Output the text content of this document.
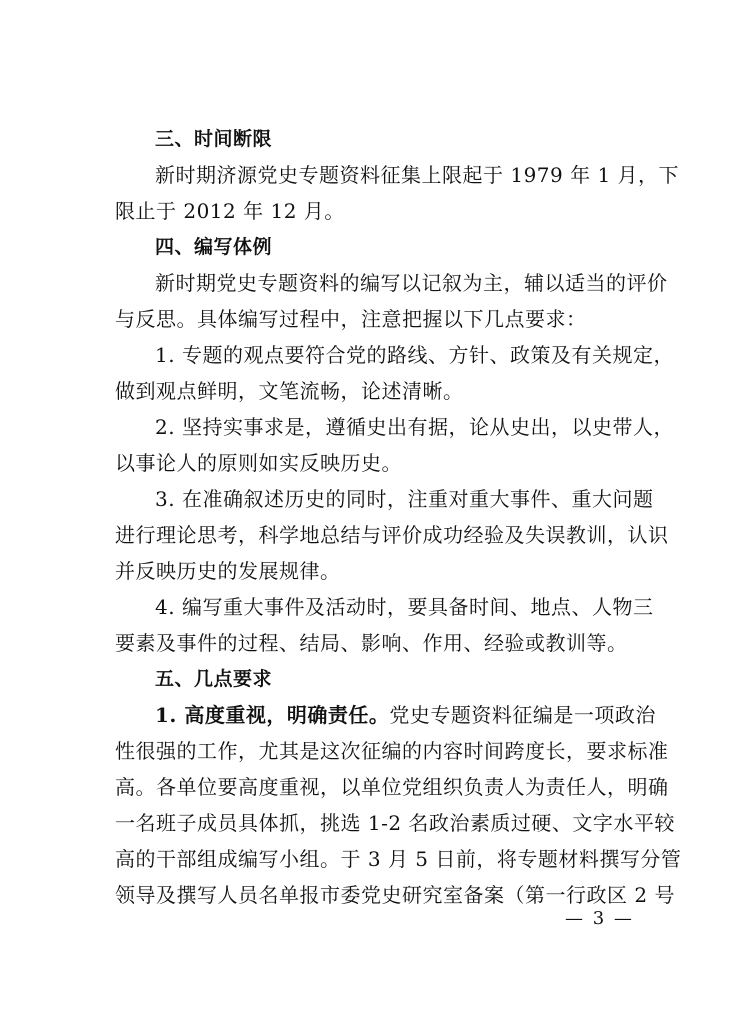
三、时间断限
新时期济源党史专题资料征集上限起于 1979 年 1 月，下
限止于 2012 年 12 月。
四、编写体例
新时期党史专题资料的编写以记叙为主，辅以适当的评价
与反思。具体编写过程中，注意把握以下几点要求：
1. 专题的观点要符合党的路线、方针、政策及有关规定，
做到观点鲜明，文笔流畅，论述清晰。
2. 坚持实事求是，遵循史出有据，论从史出，以史带人，
以事论人的原则如实反映历史。
3. 在准确叙述历史的同时，注重对重大事件、重大问题
进行理论思考，科学地总结与评价成功经验及失误教训，认识
并反映历史的发展规律。
4. 编写重大事件及活动时，要具备时间、地点、人物三
要素及事件的过程、结局、影响、作用、经验或教训等。
五、几点要求
1. 高度重视，明确责任。党史专题资料征编是一项政治
性很强的工作，尤其是这次征编的内容时间跨度长，要求标准
高。各单位要高度重视，以单位党组织负责人为责任人，明确
一名班子成员具体抓，挑选 1-2 名政治素质过硬、文字水平较
高的干部组成编写小组。于 3 月 5 日前，将专题材料撰写分管
领导及撰写人员名单报市委党史研究室备案（第一行政区 2 号
— 3 —
